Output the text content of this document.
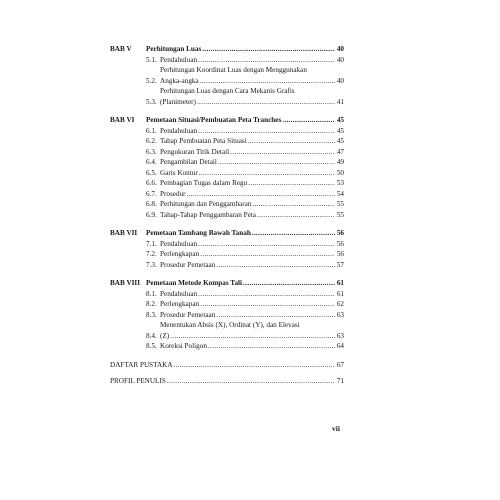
BAB V	Perhitungan Luas .....	40
5.1. Pendahuluan .....	40
5.2.
Perhitungan Koordinat Luas dengan Menggunakan
Angka-angka .....	40
5.3.
Perhitungan Luas dengan Cara Mekanis Grafis
(Planimeter) .....	41
BAB VI	Pemetaan Situasi/Pembuatan Peta Tranches .....	45
6.1. Pendahuluan .....	45
6.2. Tahap Pembuatan Peta Situasi .....	45
6.3. Pengukuran Titik Detail .....	47
6.4. Pengambilan Detail .....	49
6.5. Garis Kontur .....	50
6.6. Pembagian Tugas dalam Regu .....	53
6.7. Prosedur .....	54
6.8. Perhitungan dan Penggambaran .....	55
6.9. Tahap-Tahap Penggambaran Peta .....	55
BAB VII	Pemetaan Tambang Bawah Tanah .....	56
7.1. Pendahuluan .....	56
7.2. Perlengkapan .....	56
7.3. Prosedur Pemetaan .....	57
BAB VIII Pemetaan Metode Kompas Tali .....	61
8.1. Pendahuluan .....	61
8.2. Perlengkapan .....	62
8.3. Prosedur Pemetaan .....	63
8.4.
Menentukan Absis (X), Ordinat (Y), dan Elevasi
(Z) .....	63
8.5. Koreksi Poligon .....	64
DAFTAR PUSTAKA .....	67
PROFIL PENULIS .....	71
vii
